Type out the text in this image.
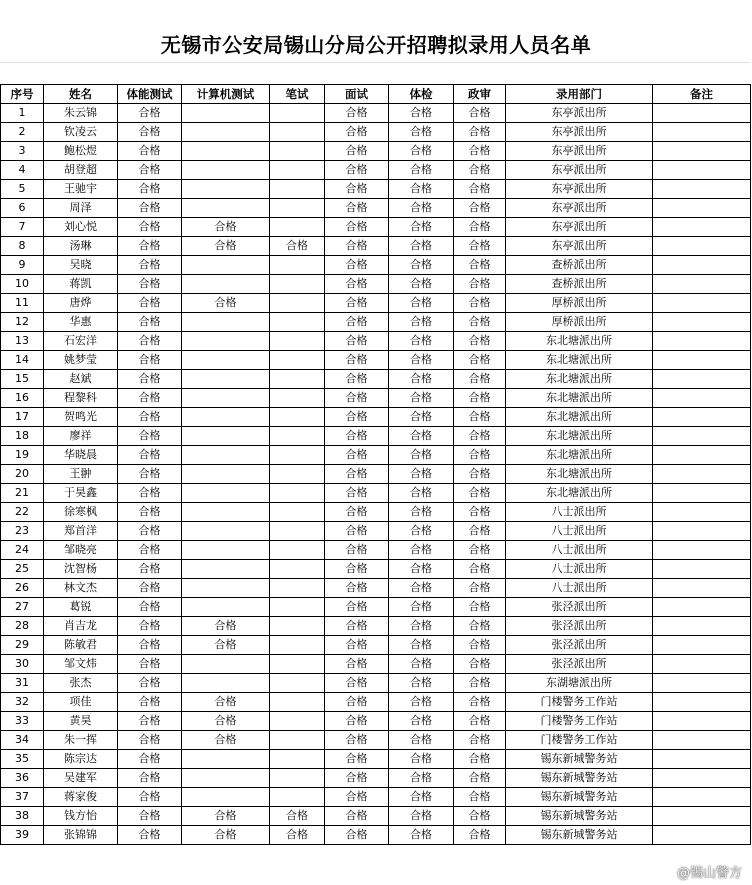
无锡市公安局锡山分局公开招聘拟录用人员名单
序号	姓名	体能测试	计算机测试	笔试	面试	体检	政审	录用部门	备注
1	朱云锦	合格			合格	合格	合格	东亭派出所	
2	钦凌云	合格			合格	合格	合格	东亭派出所	
3	鲍松煜	合格			合格	合格	合格	东亭派出所	
4	胡登超	合格			合格	合格	合格	东亭派出所	
5	王驰宇	合格			合格	合格	合格	东亭派出所	
6	周泽	合格			合格	合格	合格	东亭派出所	
7	刘心悦	合格	合格		合格	合格	合格	东亭派出所	
8	汤琳	合格	合格	合格	合格	合格	合格	东亭派出所	
9	吴晓	合格			合格	合格	合格	查桥派出所	
10	蒋凯	合格			合格	合格	合格	查桥派出所	
11	唐烨	合格	合格		合格	合格	合格	厚桥派出所	
12	华惠	合格			合格	合格	合格	厚桥派出所	
13	石宏洋	合格			合格	合格	合格	东北塘派出所	
14	姚梦莹	合格			合格	合格	合格	东北塘派出所	
15	赵斌	合格			合格	合格	合格	东北塘派出所	
16	程黎科	合格			合格	合格	合格	东北塘派出所	
17	贺鸣光	合格			合格	合格	合格	东北塘派出所	
18	廖祥	合格			合格	合格	合格	东北塘派出所	
19	华晓晨	合格			合格	合格	合格	东北塘派出所	
20	王翀	合格			合格	合格	合格	东北塘派出所	
21	于昊鑫	合格			合格	合格	合格	东北塘派出所	
22	徐寒枫	合格			合格	合格	合格	八士派出所	
23	郑首洋	合格			合格	合格	合格	八士派出所	
24	邹晓亮	合格			合格	合格	合格	八士派出所	
25	沈智杨	合格			合格	合格	合格	八士派出所	
26	林文杰	合格			合格	合格	合格	八士派出所	
27	葛锐	合格			合格	合格	合格	张泾派出所	
28	肖吉龙	合格	合格		合格	合格	合格	张泾派出所	
29	陈敏君	合格	合格		合格	合格	合格	张泾派出所	
30	邹文炜	合格			合格	合格	合格	张泾派出所	
31	张杰	合格			合格	合格	合格	东湖塘派出所	
32	项佳	合格	合格		合格	合格	合格	门楼警务工作站	
33	黄昊	合格	合格		合格	合格	合格	门楼警务工作站	
34	朱一挥	合格	合格		合格	合格	合格	门楼警务工作站	
35	陈宗达	合格			合格	合格	合格	锡东新城警务站	
36	吴建军	合格			合格	合格	合格	锡东新城警务站	
37	蒋家俊	合格			合格	合格	合格	锡东新城警务站	
38	钱方怡	合格	合格	合格	合格	合格	合格	锡东新城警务站	
39	张锦锦	合格	合格	合格	合格	合格	合格	锡东新城警务站	
@锡山警方
